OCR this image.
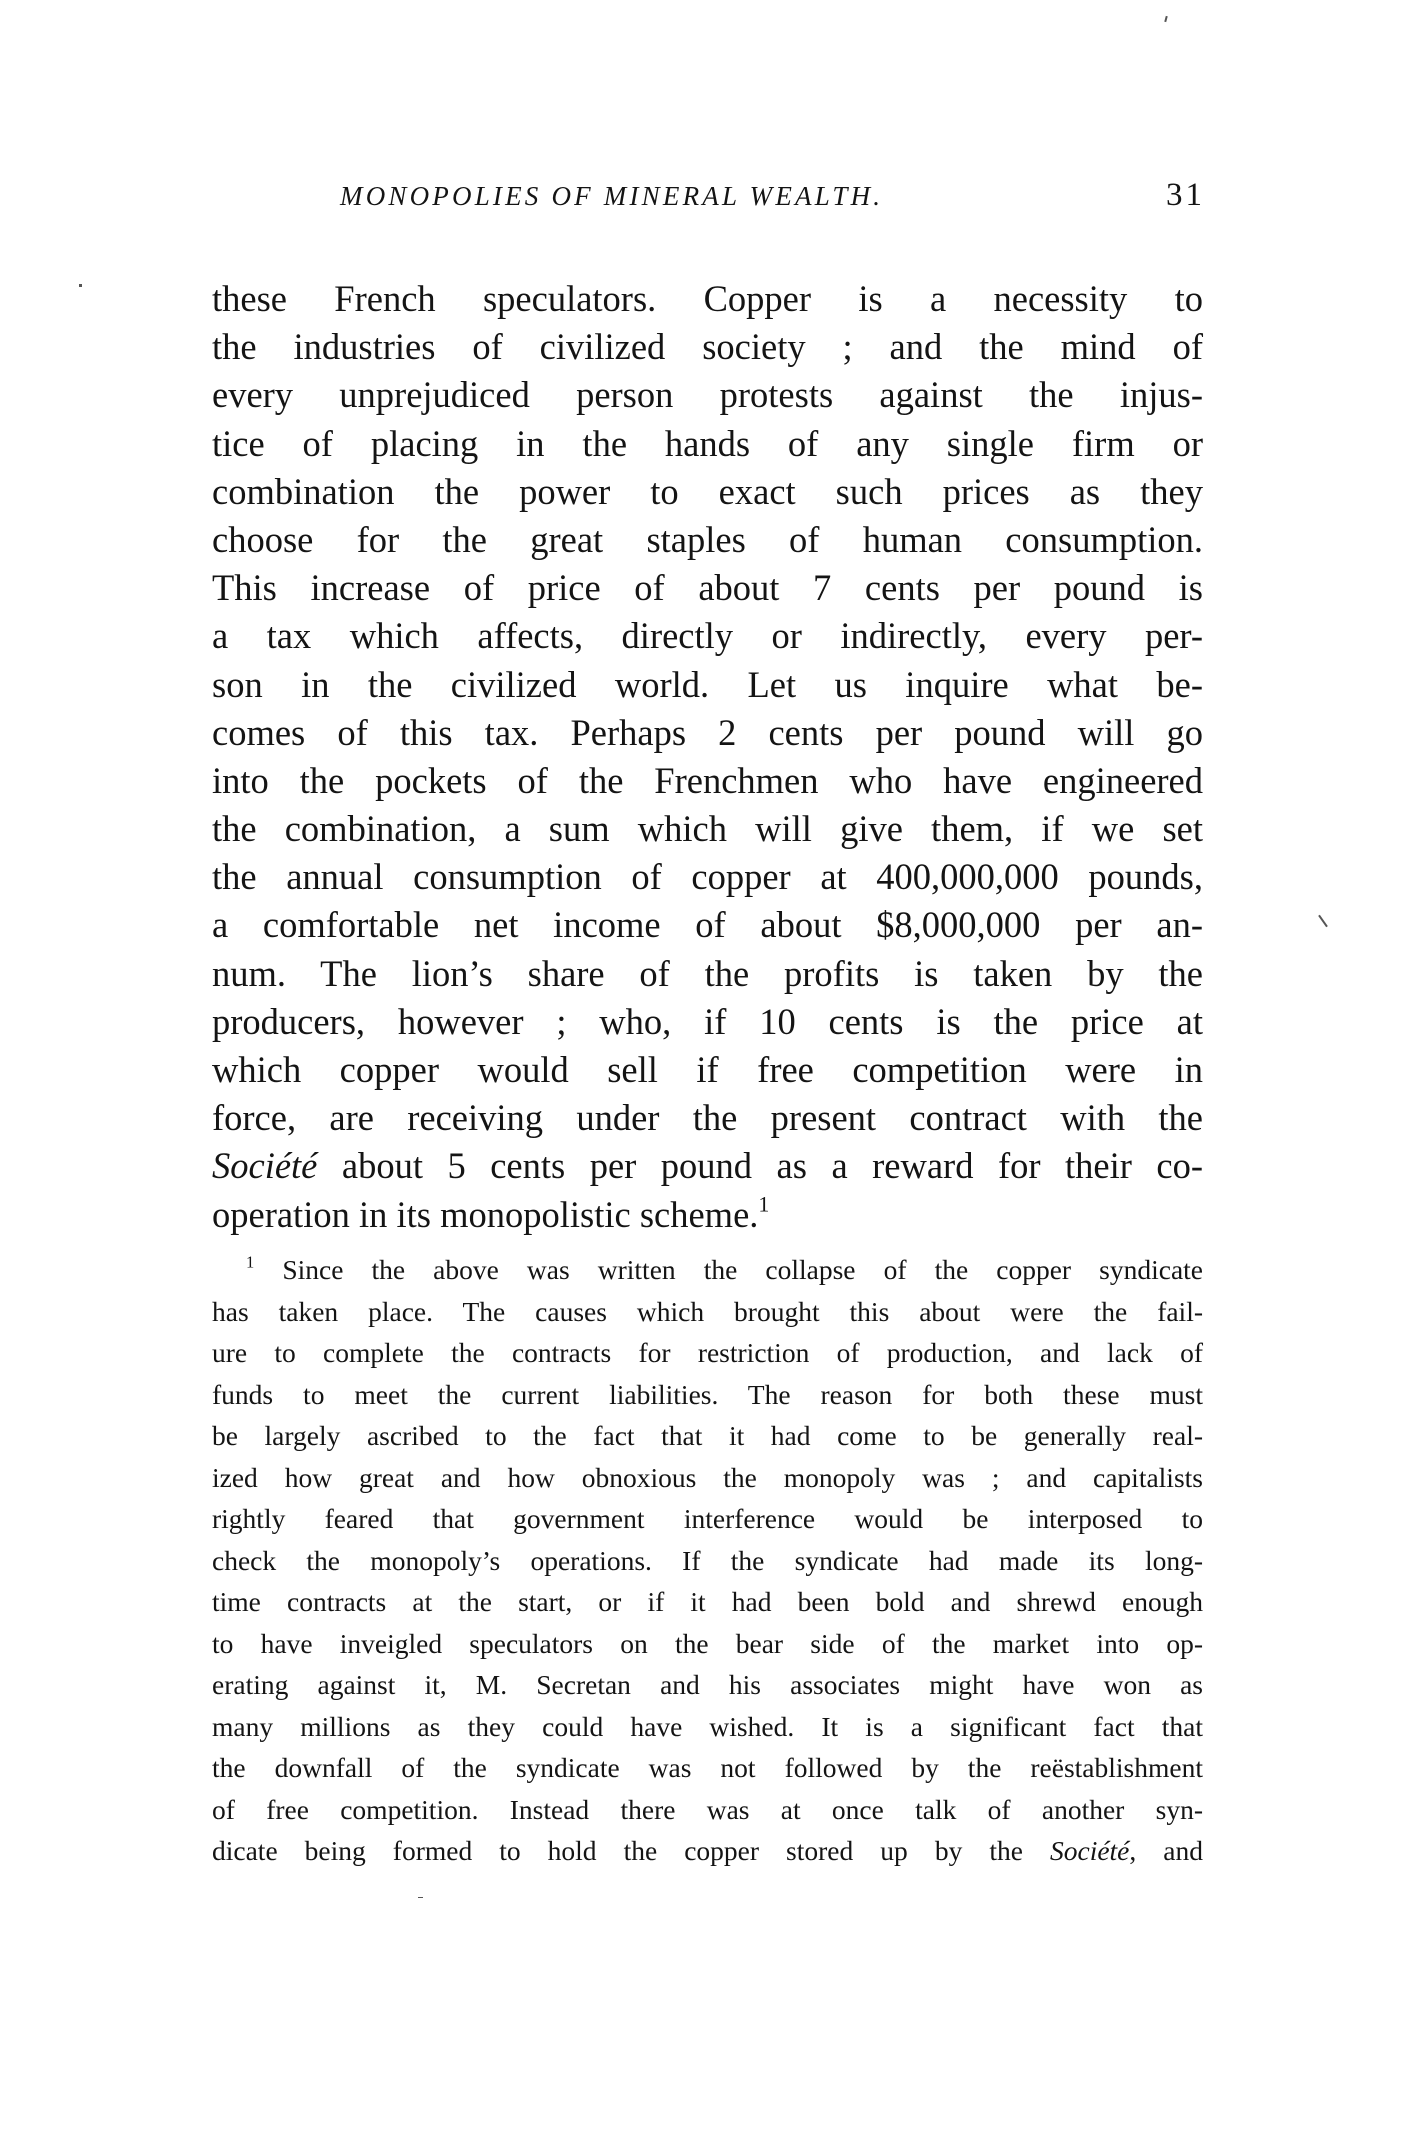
MONOPOLIES OF MINERAL WEALTH.	31
these French speculators. Copper is a necessity to
the industries of civilized society ; and the mind of
every unprejudiced person protests against the injus-
tice of placing in the hands of any single firm or
combination the power to exact such prices as they
choose for the great staples of human consumption.
This increase of price of about 7 cents per pound is
a tax which affects, directly or indirectly, every per-
son in the civilized world. Let us inquire what be-
comes of this tax. Perhaps 2 cents per pound will go
into the pockets of the Frenchmen who have engineered
the combination, a sum which will give them, if we set
the annual consumption of copper at 400,000,000 pounds,
a comfortable net income of about $8,000,000 per an-
num. The lion’s share of the profits is taken by the
producers, however ; who, if 10 cents is the price at
which copper would sell if free competition were in
force, are receiving under the present contract with the
Société about 5 cents per pound as a reward for their co-
operation in its monopolistic scheme.$^1$
$^1$ Since the above was written the collapse of the copper syndicate
has taken place. The causes which brought this about were the fail-
ure to complete the contracts for restriction of production, and lack of
funds to meet the current liabilities. The reason for both these must
be largely ascribed to the fact that it had come to be generally real-
ized how great and how obnoxious the monopoly was ; and capitalists
rightly feared that government interference would be interposed to
check the monopoly’s operations. If the syndicate had made its long-
time contracts at the start, or if it had been bold and shrewd enough
to have inveigled speculators on the bear side of the market into op-
erating against it, M. Secretan and his associates might have won as
many millions as they could have wished. It is a significant fact that
the downfall of the syndicate was not followed by the reëstablishment
of free competition. Instead there was at once talk of another syn-
dicate being formed to hold the copper stored up by the Société, and
